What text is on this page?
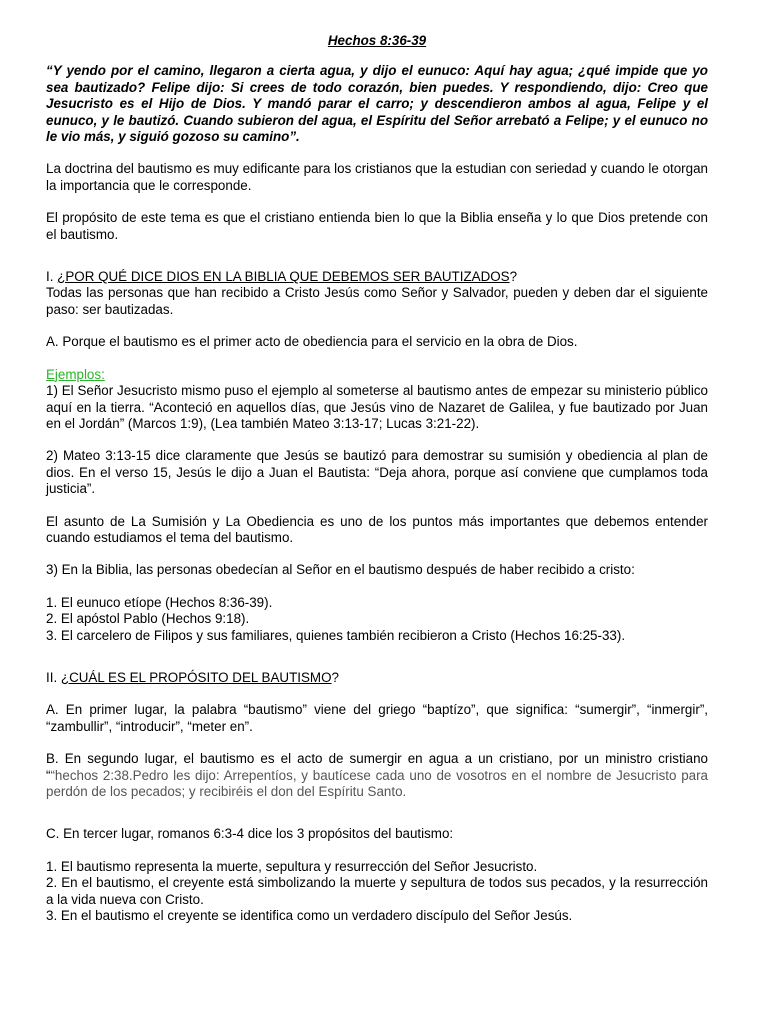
Hechos 8:36-39

“Y yendo por el camino, llegaron a cierta agua, y dijo el eunuco: Aquí hay agua; ¿qué impide que yo sea bautizado? Felipe dijo: Si crees de todo corazón, bien puedes. Y respondiendo, dijo: Creo que Jesucristo es el Hijo de Dios. Y mandó parar el carro; y descendieron ambos al agua, Felipe y el eunuco, y le bautizó. Cuando subieron del agua, el Espíritu del Señor arrebató a Felipe; y el eunuco no le vio más, y siguió gozoso su camino”.

La doctrina del bautismo es muy edificante para los cristianos que la estudian con seriedad y cuando le otorgan la importancia que le corresponde.

El propósito de este tema es que el cristiano entienda bien lo que la Biblia enseña y lo que Dios pretende con el bautismo.

I. ¿POR QUÉ DICE DIOS EN LA BIBLIA QUE DEBEMOS SER BAUTIZADOS?

Todas las personas que han recibido a Cristo Jesús como Señor y Salvador, pueden y deben dar el siguiente paso: ser bautizadas.

A. Porque el bautismo es el primer acto de obediencia para el servicio en la obra de Dios.

Ejemplos:

1) El Señor Jesucristo mismo puso el ejemplo al someterse al bautismo antes de empezar su ministerio público aquí en la tierra. “Aconteció en aquellos días, que Jesús vino de Nazaret de Galilea, y fue bautizado por Juan en el Jordán” (Marcos 1:9), (Lea también Mateo 3:13-17; Lucas 3:21-22).

2) Mateo 3:13-15 dice claramente que Jesús se bautizó para demostrar su sumisión y obediencia al plan de dios. En el verso 15, Jesús le dijo a Juan el Bautista: “Deja ahora, porque así conviene que cumplamos toda justicia”.

El asunto de La Sumisión y La Obediencia es uno de los puntos más importantes que debemos entender cuando estudiamos el tema del bautismo.

3) En la Biblia, las personas obedecían al Señor en el bautismo después de haber recibido a cristo:

1. El eunuco etíope (Hechos 8:36-39).

2. El apóstol Pablo (Hechos 9:18).

3. El carcelero de Filipos y sus familiares, quienes también recibieron a Cristo (Hechos 16:25-33).

II. ¿CUÁL ES EL PROPÓSITO DEL BAUTISMO?

A. En primer lugar, la palabra “bautismo” viene del griego “baptízo”, que significa: “sumergir”, “inmergir”, “zambullir”, “introducir”, “meter en”.

B. En segundo lugar, el bautismo es el acto de sumergir en agua a un cristiano, por un ministro cristiano ““hechos 2:38.Pedro les dijo: Arrepentíos, y bautícese cada uno de vosotros en el nombre de Jesucristo para perdón de los pecados; y recibiréis el don del Espíritu Santo.

C. En tercer lugar, romanos 6:3-4 dice los 3 propósitos del bautismo:

1. El bautismo representa la muerte, sepultura y resurrección del Señor Jesucristo.

2. En el bautismo, el creyente está simbolizando la muerte y sepultura de todos sus pecados, y la resurrección a la vida nueva con Cristo.

3. En el bautismo el creyente se identifica como un verdadero discípulo del Señor Jesús.
